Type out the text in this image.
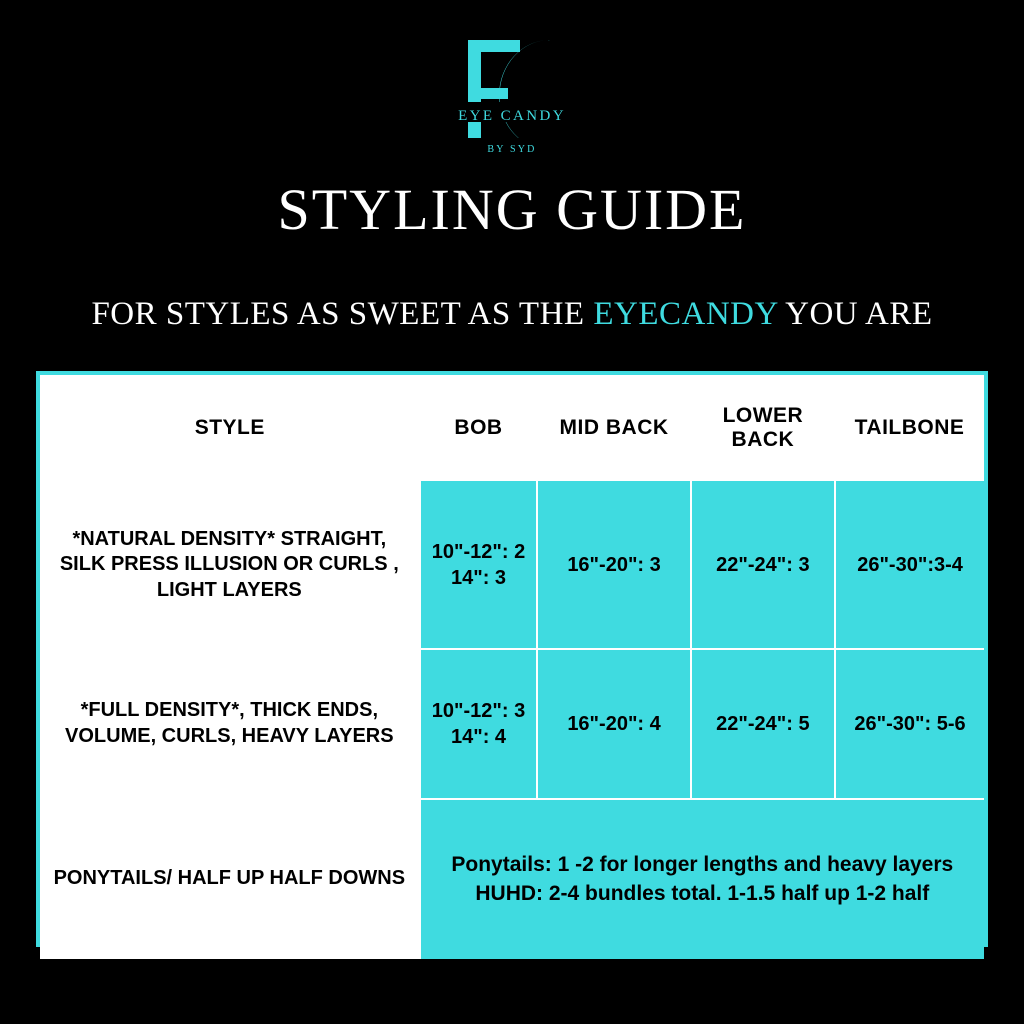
EYE CANDY
BY SYD
STYLING GUIDE
FOR STYLES AS SWEET AS THE EYECANDY YOU ARE
STYLE	BOB	MID BACK	LOWER BACK	TAILBONE
*NATURAL DENSITY* STRAIGHT, SILK PRESS ILLUSION OR CURLS , LIGHT LAYERS	10"-12": 2 14": 3	16"-20": 3	22"-24": 3	26"-30":3-4
*FULL DENSITY*, THICK ENDS, VOLUME, CURLS, HEAVY LAYERS	10"-12": 3 14": 4	16"-20": 4	22"-24": 5	26"-30": 5-6
PONYTAILS/ HALF UP HALF DOWNS	Ponytails: 1 -2 for longer lengths and heavy layers HUHD: 2-4 bundles total. 1-1.5 half up 1-2 half			
